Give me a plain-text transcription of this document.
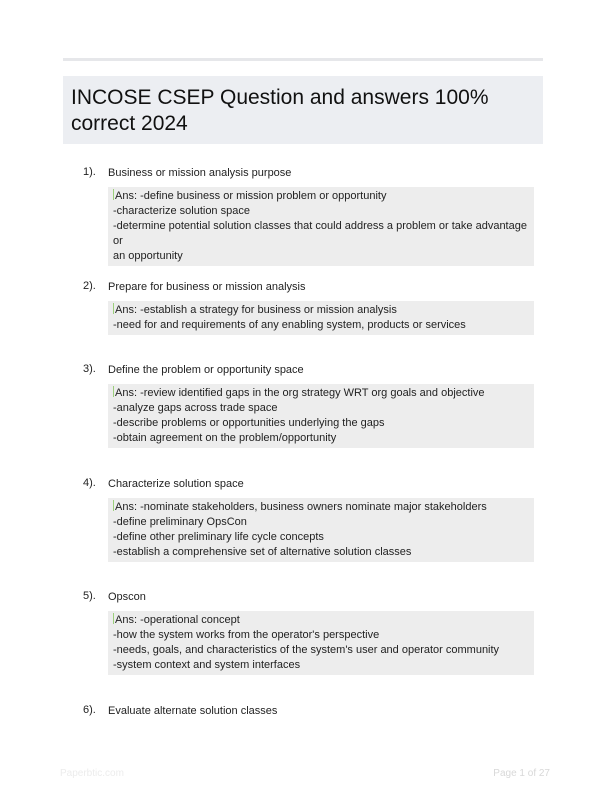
INCOSE CSEP Question and answers 100% correct 2024
1). Business or mission analysis purpose
Ans: -define business or mission problem or opportunity
-characterize solution space
-determine potential solution classes that could address a problem or take advantage or
an opportunity
2). Prepare for business or mission analysis
Ans: -establish a strategy for business or mission analysis
-need for and requirements of any enabling system, products or services
3). Define the problem or opportunity space
Ans: -review identified gaps in the org strategy WRT org goals and objective
-analyze gaps across trade space
-describe problems or opportunities underlying the gaps
-obtain agreement on the problem/opportunity
4). Characterize solution space
Ans: -nominate stakeholders, business owners nominate major stakeholders
-define preliminary OpsCon
-define other preliminary life cycle concepts
-establish a comprehensive set of alternative solution classes
5). Opscon
Ans: -operational concept
-how the system works from the operator's perspective
-needs, goals, and characteristics of the system's user and operator community
-system context and system interfaces
6). Evaluate alternate solution classes
Paperbtic.com	Page 1 of 27
